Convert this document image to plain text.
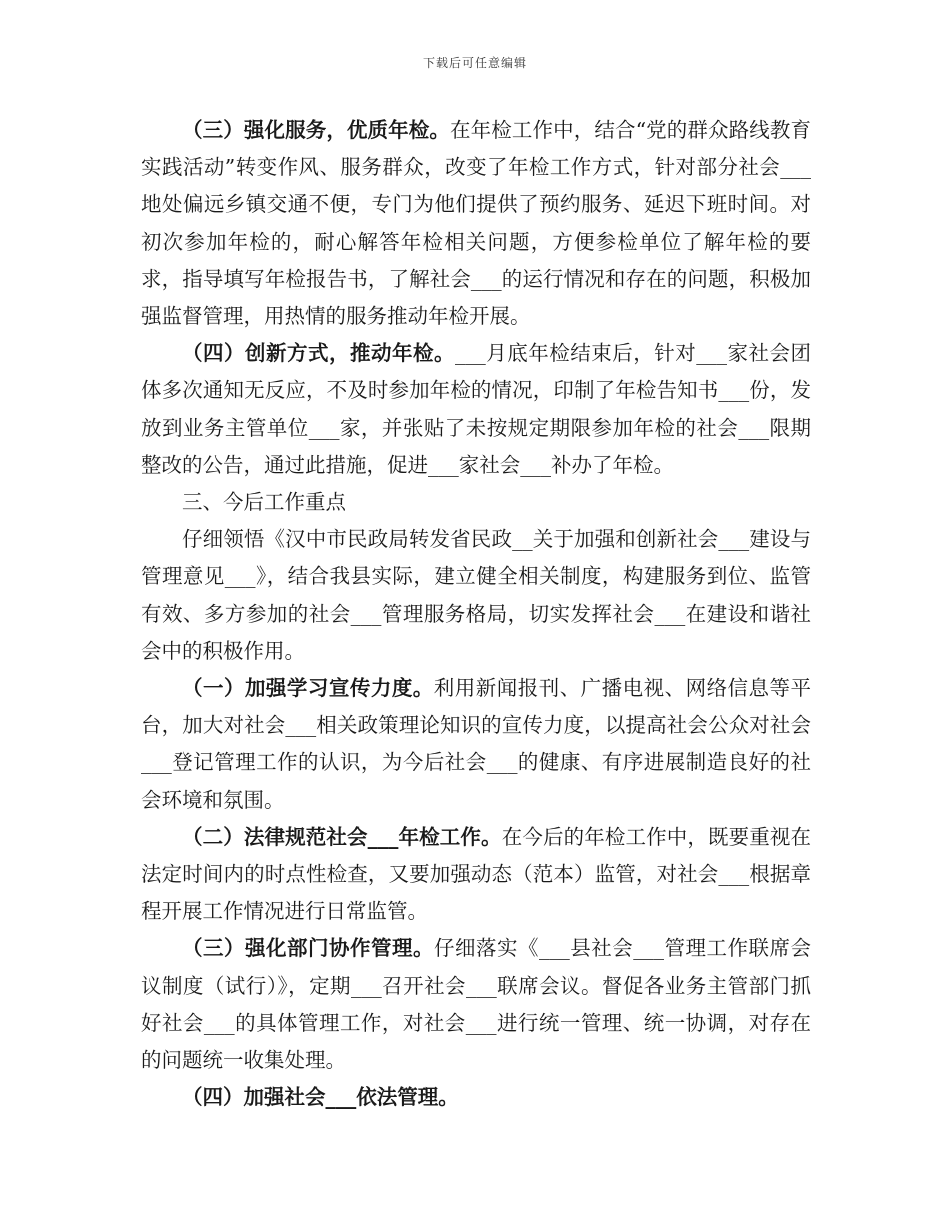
下载后可任意编辑

（三）强化服务，优质年检。在年检工作中，结合“党的群众路线教育实践活动”转变作风、服务群众，改变了年检工作方式，针对部分社会___地处偏远乡镇交通不便，专门为他们提供了预约服务、延迟下班时间。对初次参加年检的，耐心解答年检相关问题，方便参检单位了解年检的要求，指导填写年检报告书，了解社会___的运行情况和存在的问题，积极加强监督管理，用热情的服务推动年检开展。

（四）创新方式，推动年检。___月底年检结束后，针对___家社会团体多次通知无反应，不及时参加年检的情况，印制了年检告知书___份，发放到业务主管单位___家，并张贴了未按规定期限参加年检的社会___限期整改的公告，通过此措施，促进___家社会___补办了年检。

三、今后工作重点

仔细领悟《汉中市民政局转发省民政__关于加强和创新社会___建设与管理意见___》，结合我县实际，建立健全相关制度，构建服务到位、监管有效、多方参加的社会___管理服务格局，切实发挥社会___在建设和谐社会中的积极作用。

（一）加强学习宣传力度。利用新闻报刊、广播电视、网络信息等平台，加大对社会___相关政策理论知识的宣传力度，以提高社会公众对社会___登记管理工作的认识，为今后社会___的健康、有序进展制造良好的社会环境和氛围。

（二）法律规范社会___年检工作。在今后的年检工作中，既要重视在法定时间内的时点性检查，又要加强动态（范本）监管，对社会___根据章程开展工作情况进行日常监管。

（三）强化部门协作管理。仔细落实《___县社会___管理工作联席会议制度（试行）》，定期___召开社会___联席会议。督促各业务主管部门抓好社会___的具体管理工作，对社会___进行统一管理、统一协调，对存在的问题统一收集处理。

（四）加强社会___依法管理。
